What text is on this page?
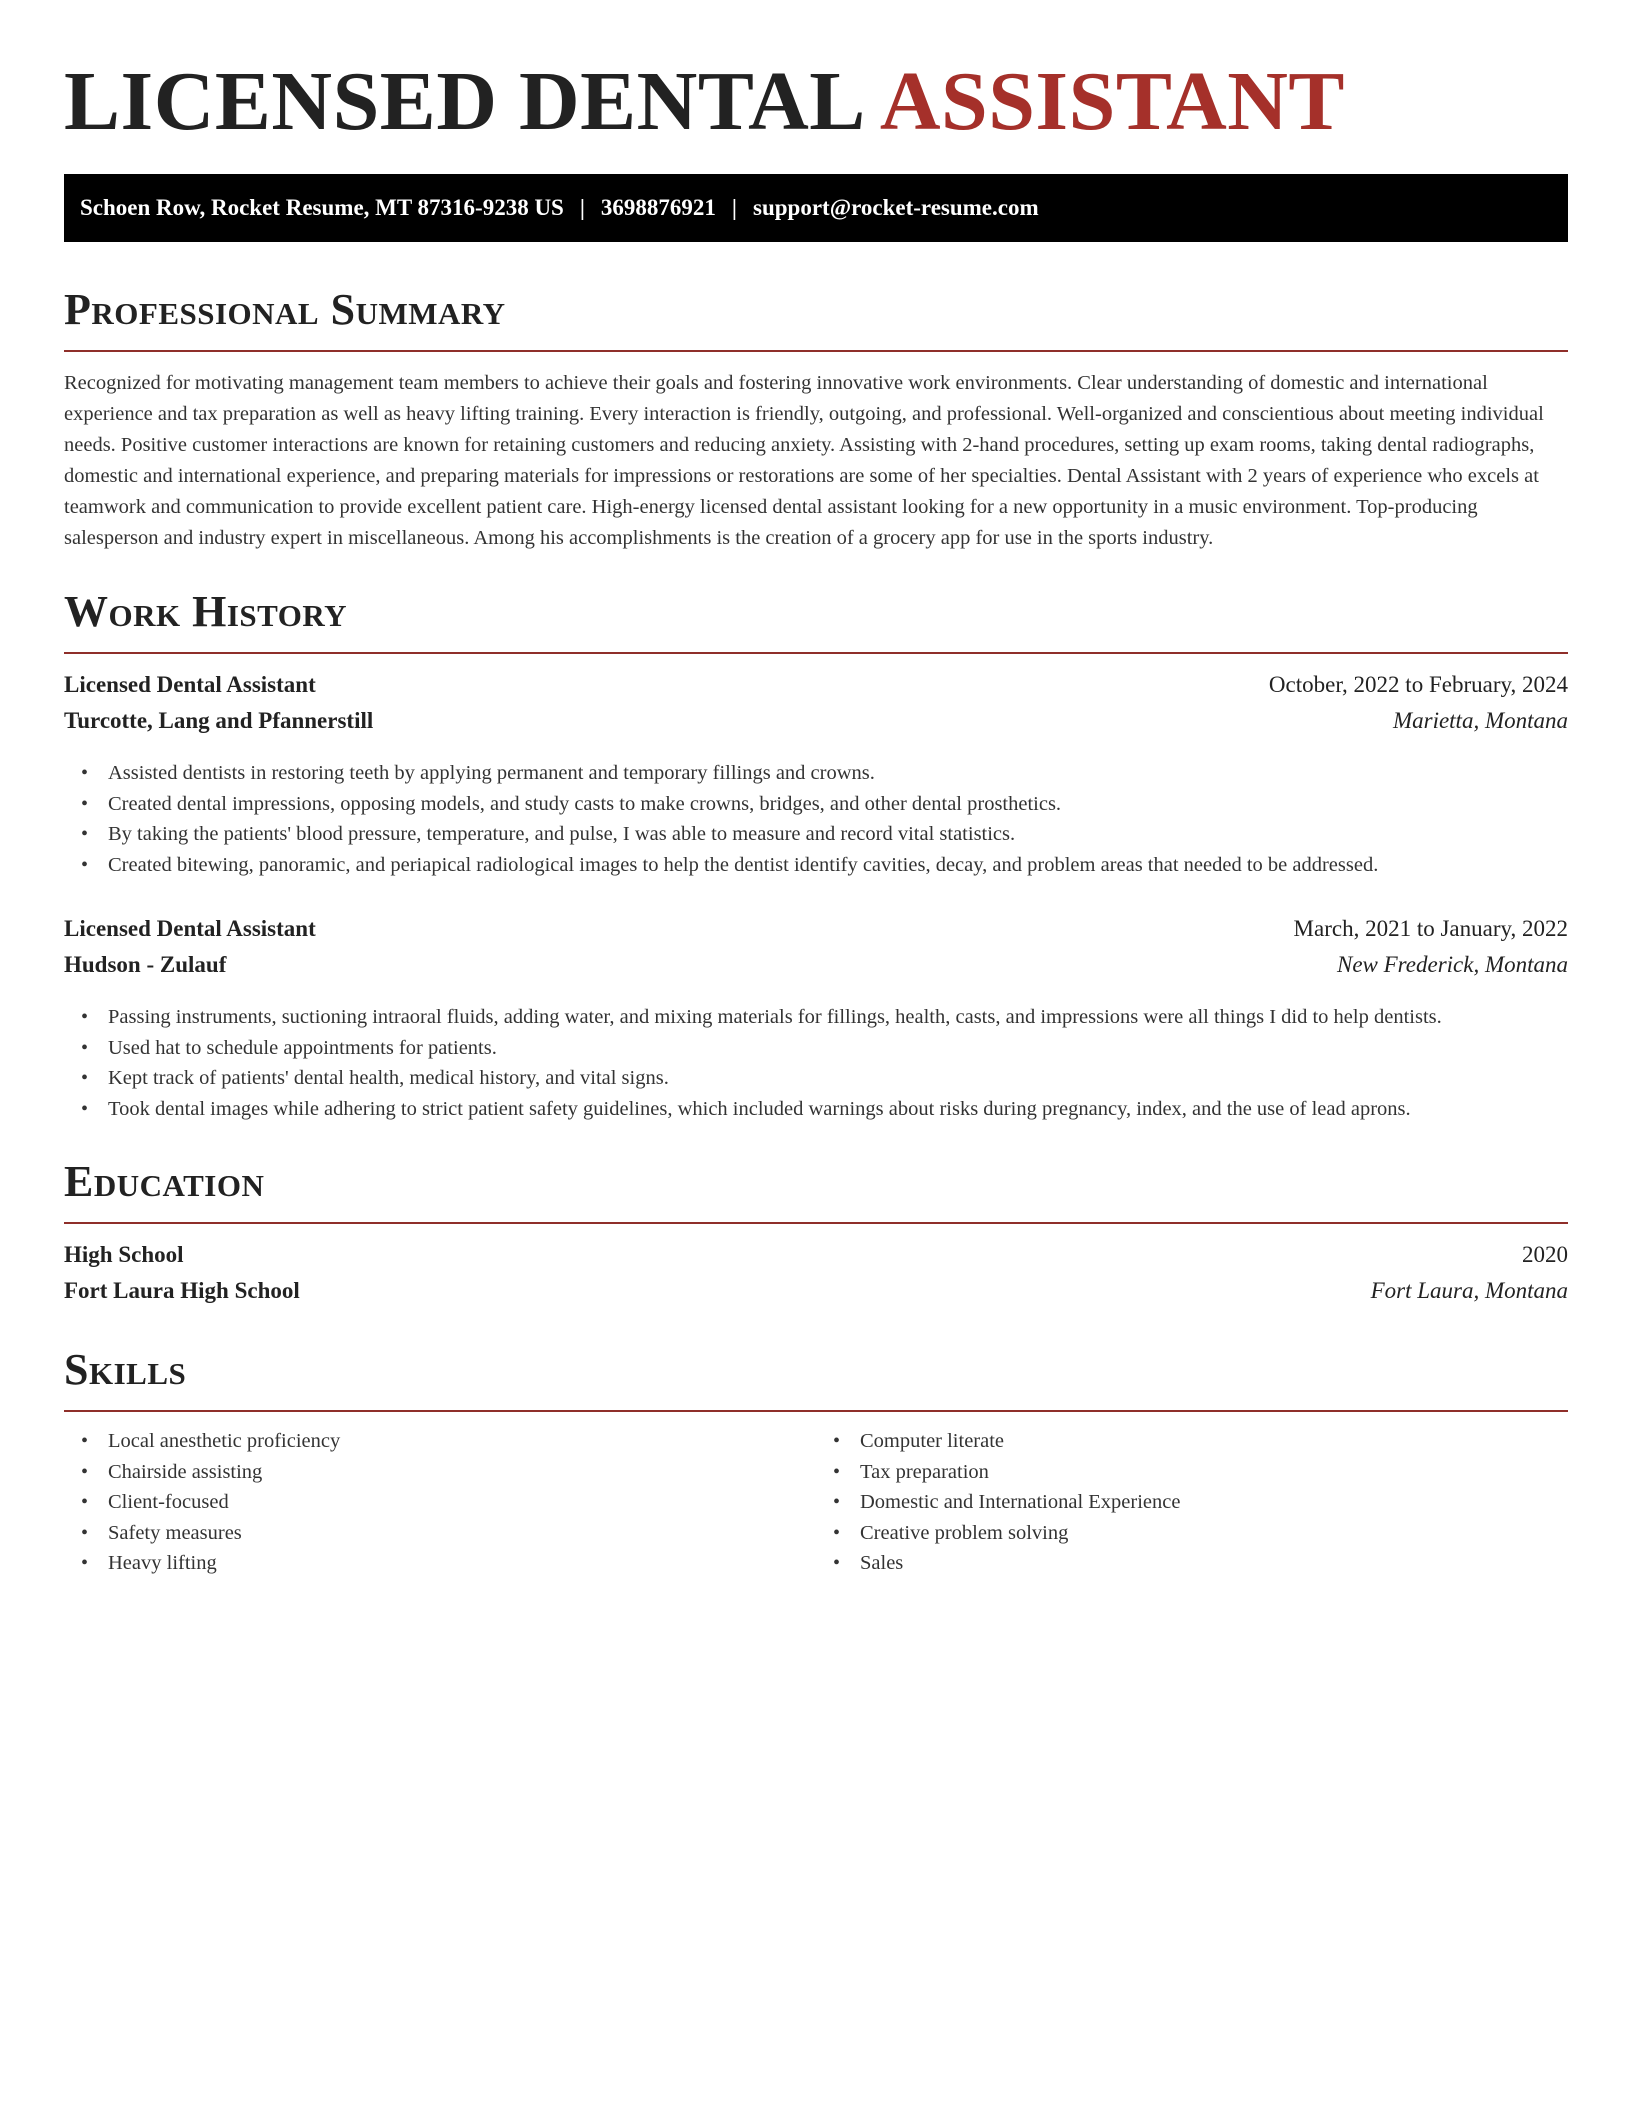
LICENSED DENTAL ASSISTANT
Schoen Row, Rocket Resume, MT 87316-9238 US | 3698876921 | support@rocket-resume.com
Professional Summary

Recognized for motivating management team members to achieve their goals and fostering innovative work environments. Clear understanding of domestic and international experience and tax preparation as well as heavy lifting training. Every interaction is friendly, outgoing, and professional. Well-organized and conscientious about meeting individual needs. Positive customer interactions are known for retaining customers and reducing anxiety. Assisting with 2-hand procedures, setting up exam rooms, taking dental radiographs, domestic and international experience, and preparing materials for impressions or restorations are some of her specialties. Dental Assistant with 2 years of experience who excels at teamwork and communication to provide excellent patient care. High-energy licensed dental assistant looking for a new opportunity in a music environment. Top-producing salesperson and industry expert in miscellaneous. Among his accomplishments is the creation of a grocery app for use in the sports industry.

Work History
Licensed Dental Assistant	October, 2022 to February, 2024
Turcotte, Lang and Pfannerstill	Marietta, Montana
• Assisted dentists in restoring teeth by applying permanent and temporary fillings and crowns.
• Created dental impressions, opposing models, and study casts to make crowns, bridges, and other dental prosthetics.
• By taking the patients' blood pressure, temperature, and pulse, I was able to measure and record vital statistics.
• Created bitewing, panoramic, and periapical radiological images to help the dentist identify cavities, decay, and problem areas that needed to be addressed.
Licensed Dental Assistant	March, 2021 to January, 2022
Hudson - Zulauf	New Frederick, Montana
• Passing instruments, suctioning intraoral fluids, adding water, and mixing materials for fillings, health, casts, and impressions were all things I did to help dentists.
• Used hat to schedule appointments for patients.
• Kept track of patients' dental health, medical history, and vital signs.
• Took dental images while adhering to strict patient safety guidelines, which included warnings about risks during pregnancy, index, and the use of lead aprons.
Education
High School	2020
Fort Laura High School	Fort Laura, Montana
Skills
• Local anesthetic proficiency
• Chairside assisting
• Client-focused
• Safety measures
• Heavy lifting
• Computer literate
• Tax preparation
• Domestic and International Experience
• Creative problem solving
• Sales
